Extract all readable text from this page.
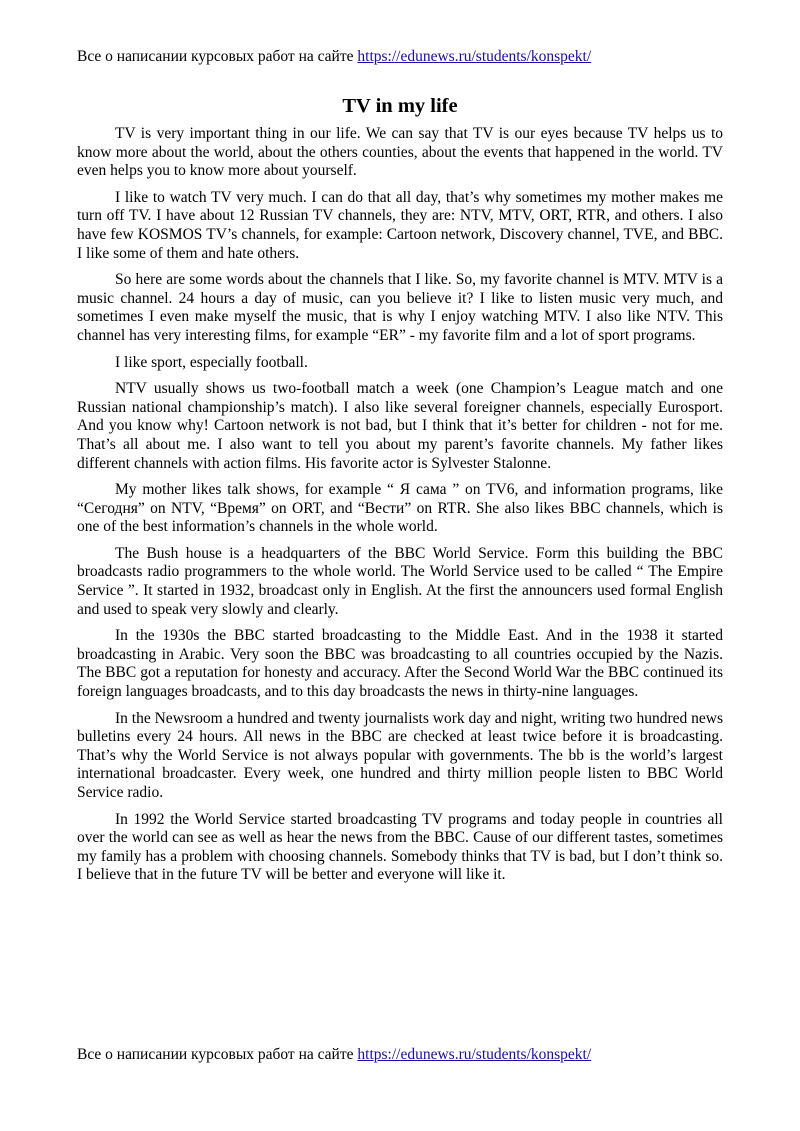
Все о написании курсовых работ на сайте https://edunews.ru/students/konspekt/
TV in my life

TV is very important thing in our life. We can say that TV is our eyes because TV helps us to know more about the world, about the others counties, about the events that happened in the world. TV even helps you to know more about yourself.

I like to watch TV very much. I can do that all day, that’s why sometimes my mother makes me turn off TV. I have about 12 Russian TV channels, they are: NTV, MTV, ORT, RTR, and others. I also have few KOSMOS TV’s channels, for example: Cartoon network, Discovery channel, TVE, and BBC. I like some of them and hate others.

So here are some words about the channels that I like. So, my favorite channel is MTV. MTV is a music channel. 24 hours a day of music, can you believe it? I like to listen music very much, and sometimes I even make myself the music, that is why I enjoy watching MTV. I also like NTV. This channel has very interesting films, for example “ER” - my favorite film and a lot of sport programs.

I like sport, especially football.

NTV usually shows us two-football match a week (one Champion’s League match and one Russian national championship’s match). I also like several foreigner channels, especially Eurosport. And you know why! Cartoon network is not bad, but I think that it’s better for children - not for me. That’s all about me. I also want to tell you about my parent’s favorite channels. My father likes different channels with action films. His favorite actor is Sylvester Stalonne.

My mother likes talk shows, for example “ Я сама ” on TV6, and information programs, like “Сегодня” on NTV, “Время” on ORT, and “Вести” on RTR. She also likes BBC channels, which is one of the best information’s channels in the whole world.

The Bush house is a headquarters of the BBC World Service. Form this building the BBC broadcasts radio programmers to the whole world. The World Service used to be called “ The Empire Service ”. It started in 1932, broadcast only in English. At the first the announcers used formal English and used to speak very slowly and clearly.

In the 1930s the BBC started broadcasting to the Middle East. And in the 1938 it started broadcasting in Arabic. Very soon the BBC was broadcasting to all countries occupied by the Nazis. The BBC got a reputation for honesty and accuracy. After the Second World War the BBC continued its foreign languages broadcasts, and to this day broadcasts the news in thirty-nine languages.

In the Newsroom a hundred and twenty journalists work day and night, writing two hundred news bulletins every 24 hours. All news in the BBC are checked at least twice before it is broadcasting. That’s why the World Service is not always popular with governments. The bb is the world’s largest international broadcaster. Every week, one hundred and thirty million people listen to BBC World Service radio.

In 1992 the World Service started broadcasting TV programs and today people in countries all over the world can see as well as hear the news from the BBC. Cause of our different tastes, sometimes my family has a problem with choosing channels. Somebody thinks that TV is bad, but I don’t think so. I believe that in the future TV will be better and everyone will like it.

Все о написании курсовых работ на сайте https://edunews.ru/students/konspekt/
